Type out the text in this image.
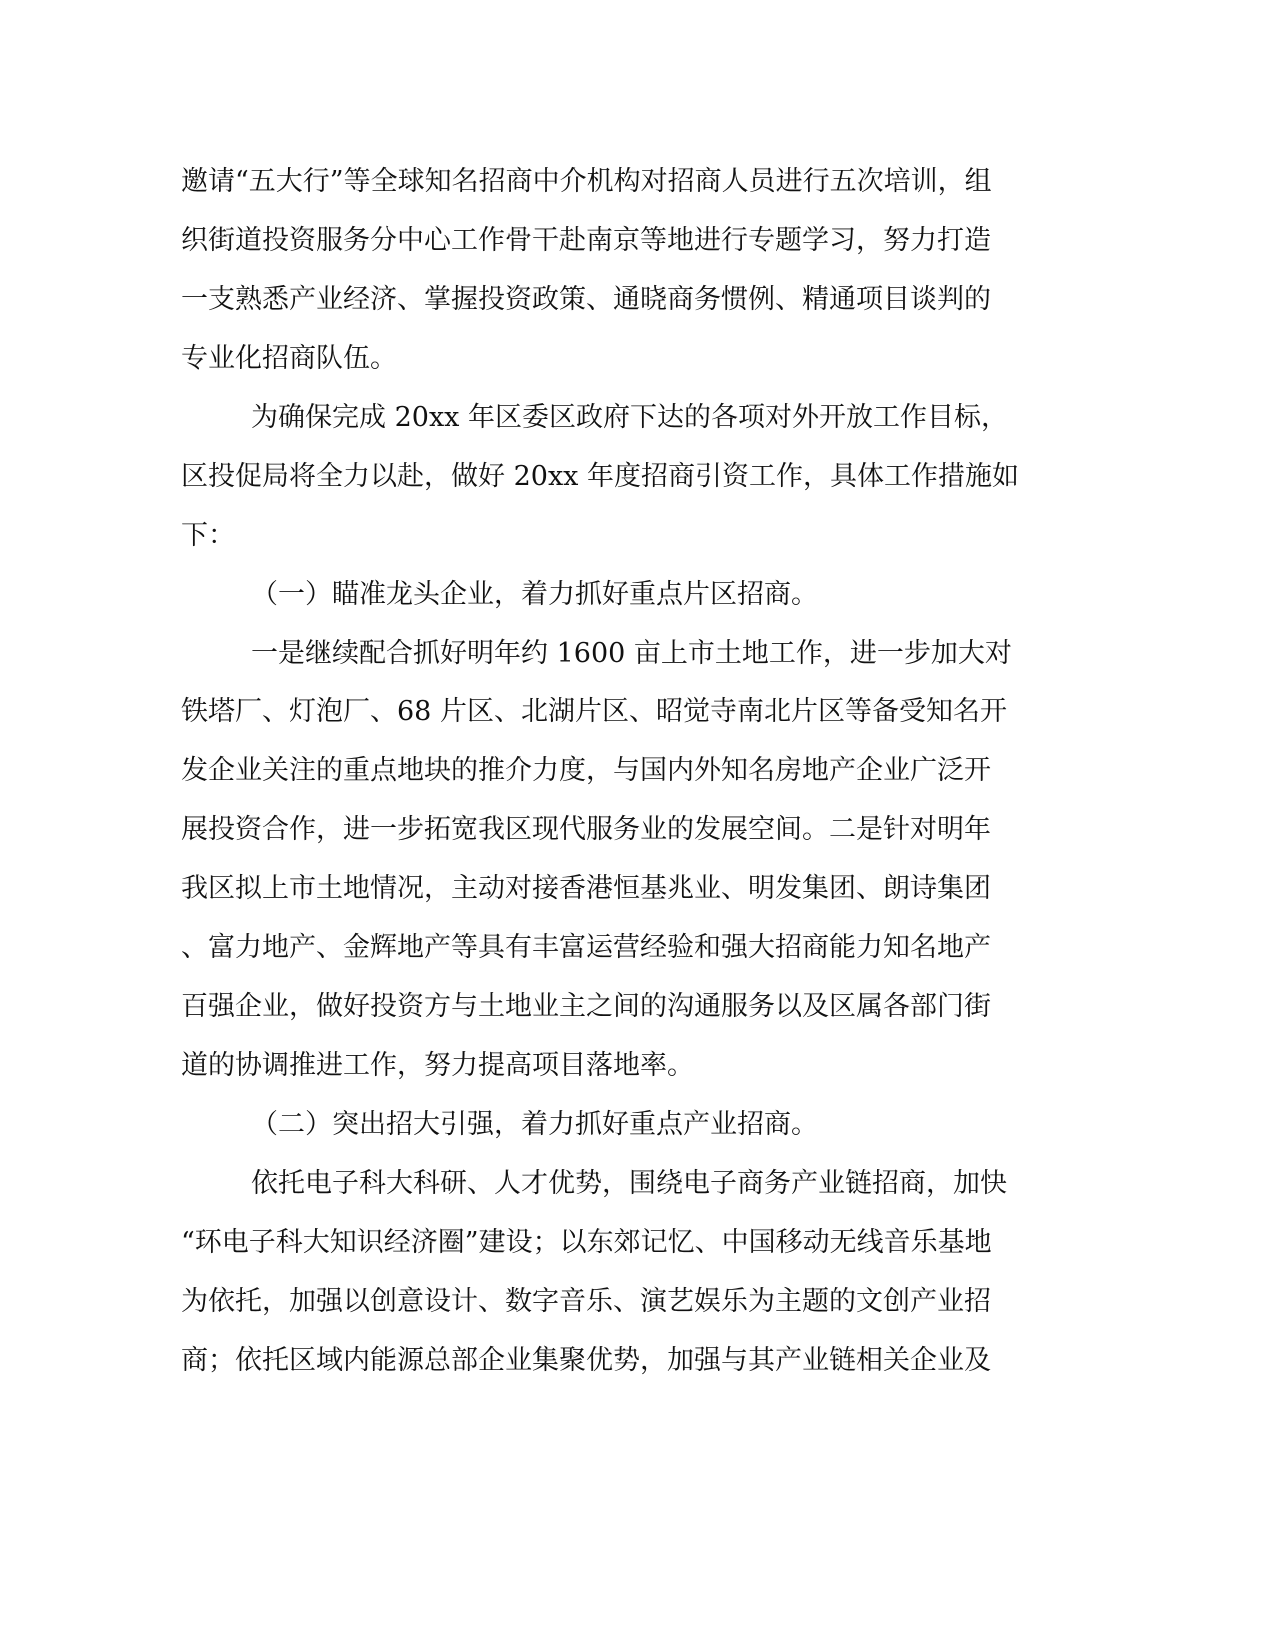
邀请“五大行”等全球知名招商中介机构对招商人员进行五次培训，组
织街道投资服务分中心工作骨干赴南京等地进行专题学习，努力打造
一支熟悉产业经济、掌握投资政策、通晓商务惯例、精通项目谈判的
专业化招商队伍。
为确保完成 20xx 年区委区政府下达的各项对外开放工作目标，
区投促局将全力以赴，做好 20xx 年度招商引资工作，具体工作措施如
下：
（一）瞄准龙头企业，着力抓好重点片区招商。
一是继续配合抓好明年约 1600 亩上市土地工作，进一步加大对
铁塔厂、灯泡厂、68 片区、北湖片区、昭觉寺南北片区等备受知名开
发企业关注的重点地块的推介力度，与国内外知名房地产企业广泛开
展投资合作，进一步拓宽我区现代服务业的发展空间。二是针对明年
我区拟上市土地情况，主动对接香港恒基兆业、明发集团、朗诗集团
、富力地产、金辉地产等具有丰富运营经验和强大招商能力知名地产
百强企业，做好投资方与土地业主之间的沟通服务以及区属各部门街
道的协调推进工作，努力提高项目落地率。
（二）突出招大引强，着力抓好重点产业招商。
依托电子科大科研、人才优势，围绕电子商务产业链招商，加快
“环电子科大知识经济圈”建设；以东郊记忆、中国移动无线音乐基地
为依托，加强以创意设计、数字音乐、演艺娱乐为主题的文创产业招
商；依托区域内能源总部企业集聚优势，加强与其产业链相关企业及
